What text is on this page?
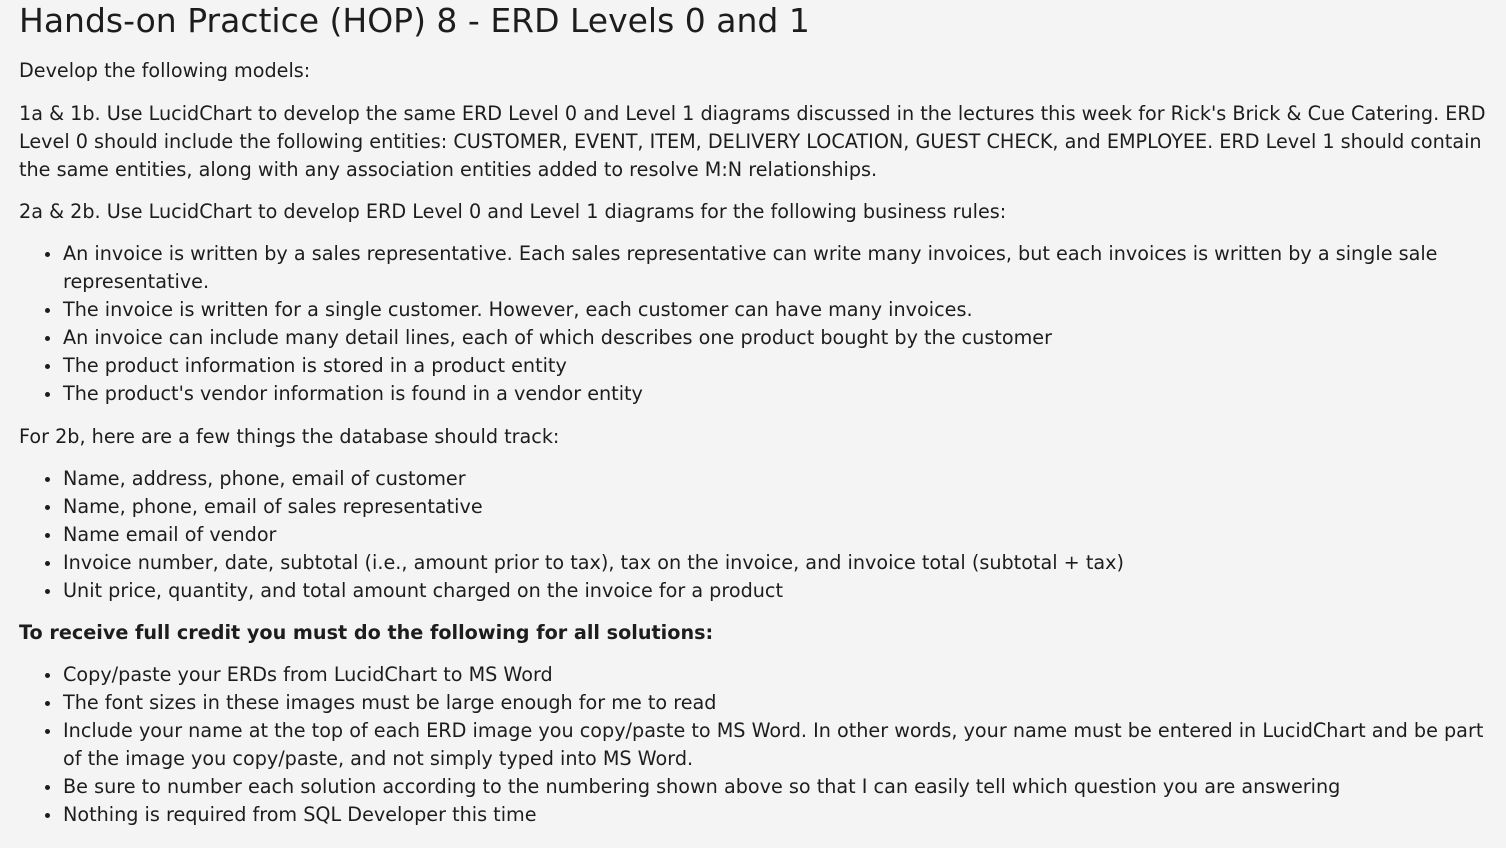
Hands-on Practice (HOP) 8 - ERD Levels 0 and 1

Develop the following models:

1a & 1b. Use LucidChart to develop the same ERD Level 0 and Level 1 diagrams discussed in the lectures this week for Rick's Brick & Cue Catering. ERD Level 0 should include the following entities: CUSTOMER, EVENT, ITEM, DELIVERY LOCATION, GUEST CHECK, and EMPLOYEE. ERD Level 1 should contain the same entities, along with any association entities added to resolve M:N relationships.

2a & 2b. Use LucidChart to develop ERD Level 0 and Level 1 diagrams for the following business rules:

An invoice is written by a sales representative. Each sales representative can write many invoices, but each invoices is written by a single sale representative.
The invoice is written for a single customer. However, each customer can have many invoices.
An invoice can include many detail lines, each of which describes one product bought by the customer
The product information is stored in a product entity
The product's vendor information is found in a vendor entity

For 2b, here are a few things the database should track:

Name, address, phone, email of customer
Name, phone, email of sales representative
Name email of vendor
Invoice number, date, subtotal (i.e., amount prior to tax), tax on the invoice, and invoice total (subtotal + tax)
Unit price, quantity, and total amount charged on the invoice for a product

To receive full credit you must do the following for all solutions:

Copy/paste your ERDs from LucidChart to MS Word
The font sizes in these images must be large enough for me to read
Include your name at the top of each ERD image you copy/paste to MS Word. In other words, your name must be entered in LucidChart and be part of the image you copy/paste, and not simply typed into MS Word.
Be sure to number each solution according to the numbering shown above so that I can easily tell which question you are answering
Nothing is required from SQL Developer this time
